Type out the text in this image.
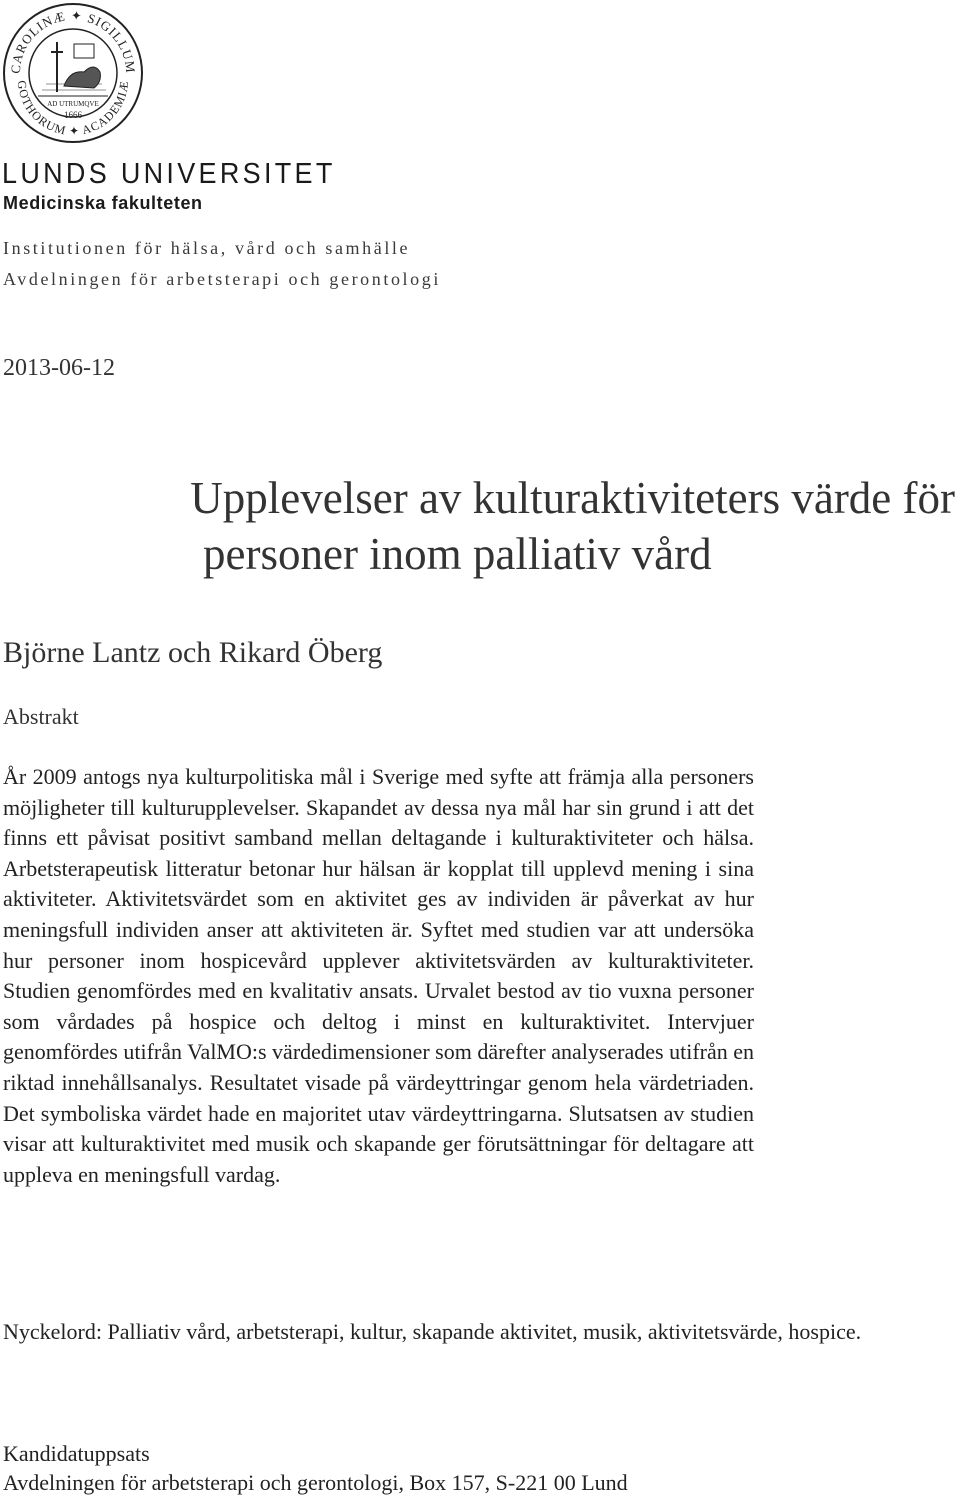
CAROLINÆ ✦ SIGILLUM
GOTHORUM ✦ ACADEMIÆ
AD UTRUMQVE
1666
LUNDS UNIVERSITET
Medicinska fakulteten
Institutionen för hälsa, vård och samhälle
Avdelningen för arbetsterapi och gerontologi
2013-06-12
Upplevelser av kulturaktiviteters värde för
personer inom palliativ vård
Björne Lantz och Rikard Öberg
Abstrakt
År 2009 antogs nya kulturpolitiska mål i Sverige med syfte att främja alla personers möjligheter till kulturupplevelser. Skapandet av dessa nya mål har sin grund i att det finns ett påvisat positivt samband mellan deltagande i kulturaktiviteter och hälsa. Arbetsterapeutisk litteratur betonar hur hälsan är kopplat till upplevd mening i sina aktiviteter. Aktivitetsvärdet som en aktivitet ges av individen är påverkat av hur meningsfull individen anser att aktiviteten är. Syftet med studien var att undersöka hur personer inom hospicevård upplever aktivitetsvärden av kulturaktiviteter. Studien genomfördes med en kvalitativ ansats. Urvalet bestod av tio vuxna personer som vårdades på hospice och deltog i minst en kulturaktivitet. Intervjuer genomfördes utifrån ValMO:s värdedimensioner som därefter analyserades utifrån en riktad innehållsanalys. Resultatet visade på värdeyttringar genom hela värdetriaden. Det symboliska värdet hade en majoritet utav värdeyttringarna. Slutsatsen av studien visar att kulturaktivitet med musik och skapande ger förutsättningar för deltagare att uppleva en meningsfull vardag.
Nyckelord: Palliativ vård, arbetsterapi, kultur, skapande aktivitet, musik, aktivitetsvärde, hospice.
Kandidatuppsats
Avdelningen för arbetsterapi och gerontologi, Box 157, S-221 00 Lund
